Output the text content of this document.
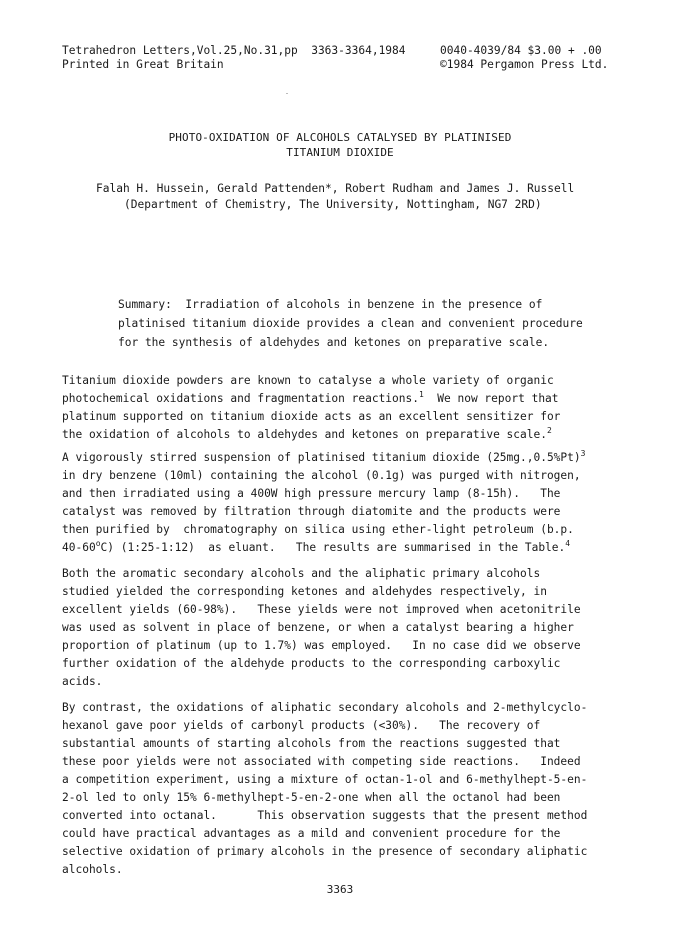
Tetrahedron Letters,Vol.25,No.31,pp  3363-3364,1984	0040-4039/84 $3.00 + .00
Printed in Great Britain	©1984 Pergamon Press Ltd.
PHOTO-OXIDATION OF ALCOHOLS CATALYSED BY PLATINISED
TITANIUM DIOXIDE
Falah H. Hussein, Gerald Pattenden*, Robert Rudham and James J. Russell
(Department of Chemistry, The University, Nottingham, NG7 2RD)
Summary:  Irradiation of alcohols in benzene in the presence of
platinised titanium dioxide provides a clean and convenient procedure
for the synthesis of aldehydes and ketones on preparative scale.
Titanium dioxide powders are known to catalyse a whole variety of organic
photochemical oxidations and fragmentation reactions.$^1$  We now report that
platinum supported on titanium dioxide acts as an excellent sensitizer for
the oxidation of alcohols to aldehydes and ketones on preparative scale.$^2$
A vigorously stirred suspension of platinised titanium dioxide $(25mg.,0.5\%Pt)^3$
in dry benzene (10ml) containing the alcohol (0.1g) was purged with nitrogen,
and then irradiated using a 400W high pressure mercury lamp (8-15h).   The
catalyst was removed by filtration through diatomite and the products were
then purified by  chromatography on silica using ether-light petroleum (b.p.
40-60$^o$C) (1:25-1:12)  as eluant.   The results are summarised in the Table.$^4$
Both the aromatic secondary alcohols and the aliphatic primary alcohols
studied yielded the corresponding ketones and aldehydes respectively, in
excellent yields (60-98%).   These yields were not improved when acetonitrile
was used as solvent in place of benzene, or when a catalyst bearing a higher
proportion of platinum (up to 1.7%) was employed.   In no case did we observe
further oxidation of the aldehyde products to the corresponding carboxylic
acids.
By contrast, the oxidations of aliphatic secondary alcohols and 2-methylcyclo-
hexanol gave poor yields of carbonyl products (<30%).   The recovery of
substantial amounts of starting alcohols from the reactions suggested that
these poor yields were not associated with competing side reactions.   Indeed
a competition experiment, using a mixture of octan-1-ol and 6-methylhept-5-en-
2-ol led to only 15% 6-methylhept-5-en-2-one when all the octanol had been
converted into octanal.      This observation suggests that the present method
could have practical advantages as a mild and convenient procedure for the
selective oxidation of primary alcohols in the presence of secondary aliphatic
alcohols.
3363
